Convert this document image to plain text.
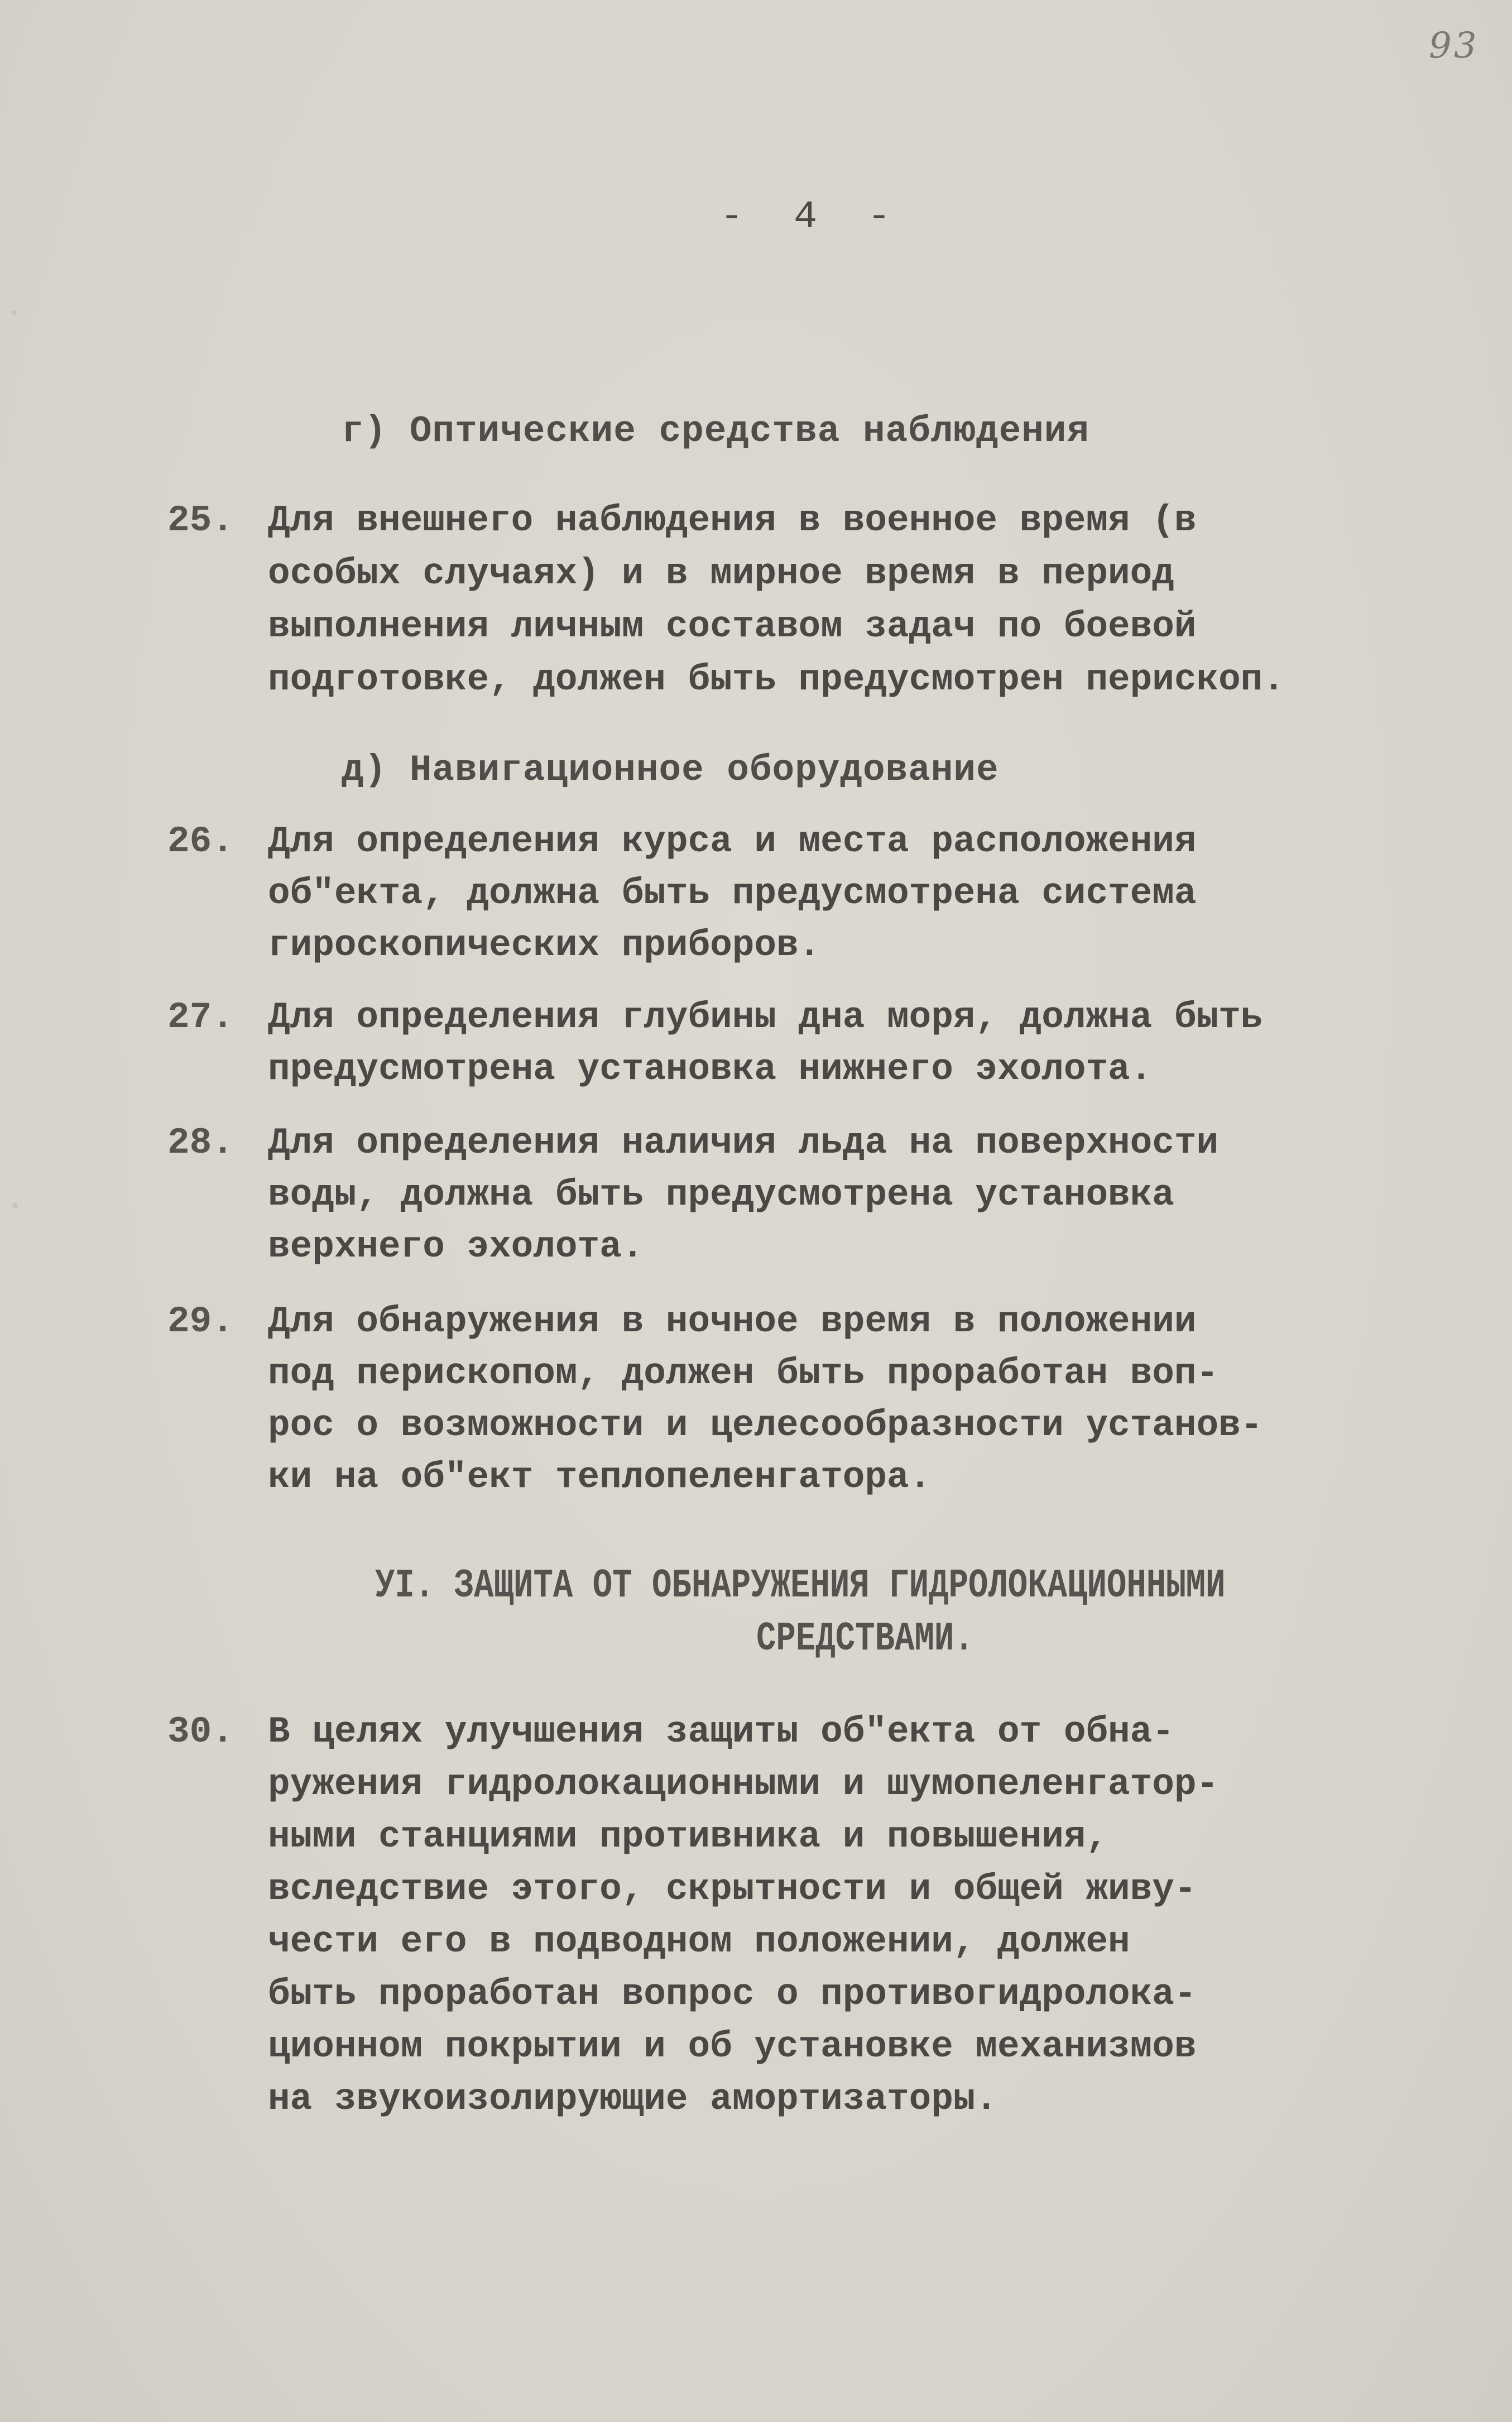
93
- 4 -
г) Оптические средства наблюдения
25. Для внешнего наблюдения в военное время (в
особых случаях) и в мирное время в период
выполнения личным составом задач по боевой
подготовке, должен быть предусмотрен перископ.
д) Навигационное оборудование
26. Для определения курса и места расположения
об"екта, должна быть предусмотрена система
гироскопических приборов.
27. Для определения глубины дна моря, должна быть
предусмотрена установка нижнего эхолота.
28. Для определения наличия льда на поверхности
воды, должна быть предусмотрена установка
верхнего эхолота.
29. Для обнаружения в ночное время в положении
под перископом, должен быть проработан воп-
рос о возможности и целесообразности установ-
ки на об"ект теплопеленгатора.
УI. ЗАЩИТА ОТ ОБНАРУЖЕНИЯ ГИДРОЛОКАЦИОННЫМИ
СРЕДСТВАМИ.
30. В целях улучшения защиты об"екта от обна-
ружения гидролокационными и шумопеленгатор-
ными станциями противника и повышения,
вследствие этого, скрытности и общей живу-
чести его в подводном положении, должен
быть проработан вопрос о противогидролока-
ционном покрытии и об установке механизмов
на звукоизолирующие амортизаторы.
